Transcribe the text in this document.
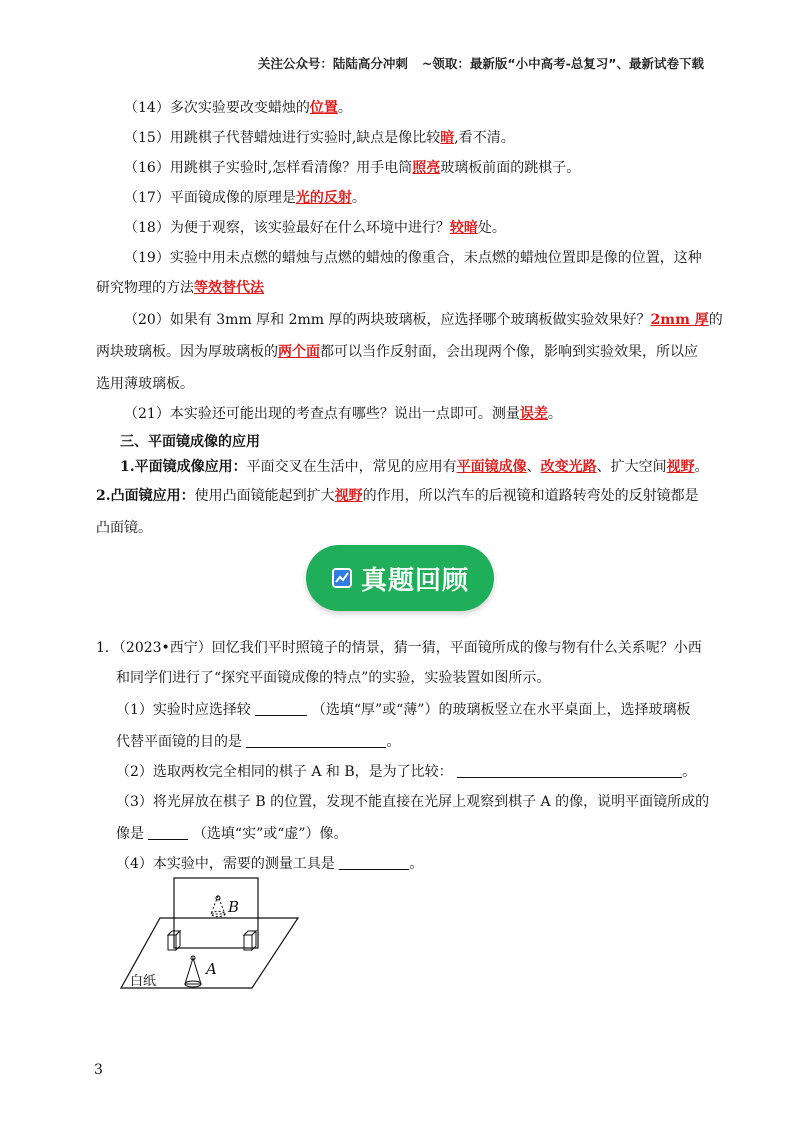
关注公众号：陆陆高分冲刺 ~领取：最新版“小中高考-总复习”、最新试卷下载
（14）多次实验要改变蜡烛的位置。
（15）用跳棋子代替蜡烛进行实验时,缺点是像比较暗,看不清。
（16）用跳棋子实验时,怎样看清像？用手电筒照亮玻璃板前面的跳棋子。
（17）平面镜成像的原理是光的反射。
（18）为便于观察，该实验最好在什么环境中进行？较暗处。
（19）实验中用未点燃的蜡烛与点燃的蜡烛的像重合，未点燃的蜡烛位置即是像的位置，这种
研究物理的方法等效替代法
（20）如果有 3mm 厚和 2mm 厚的两块玻璃板，应选择哪个玻璃板做实验效果好？2mm 厚的
两块玻璃板。因为厚玻璃板的两个面都可以当作反射面，会出现两个像，影响到实验效果，所以应
选用薄玻璃板。
（21）本实验还可能出现的考查点有哪些？说出一点即可。测量误差。
三、平面镜成像的应用
1.平面镜成像应用：平面交叉在生活中，常见的应用有平面镜成像、改变光路、扩大空间视野。
2.凸面镜应用：使用凸面镜能起到扩大视野的作用，所以汽车的后视镜和道路转弯处的反射镜都是
凸面镜。
1．（2023•西宁）回忆我们平时照镜子的情景，猜一猜，平面镜所成的像与物有什么关系呢？小西
和同学们进行了“探究平面镜成像的特点”的实验，实验装置如图所示。
（1）实验时应选择较	（选填“厚”或“薄”）的玻璃板竖立在水平桌面上，选择玻璃板
代替平面镜的目的是	。
（2）选取两枚完全相同的棋子 A 和 B，是为了比较：	。
（3）将光屏放在棋子 B 的位置，发现不能直接在光屏上观察到棋子 A 的像，说明平面镜所成的
像是	（选填“实”或“虚”）像。
（4）本实验中，需要的测量工具是	。
真题回顾
B
A
白纸
3
